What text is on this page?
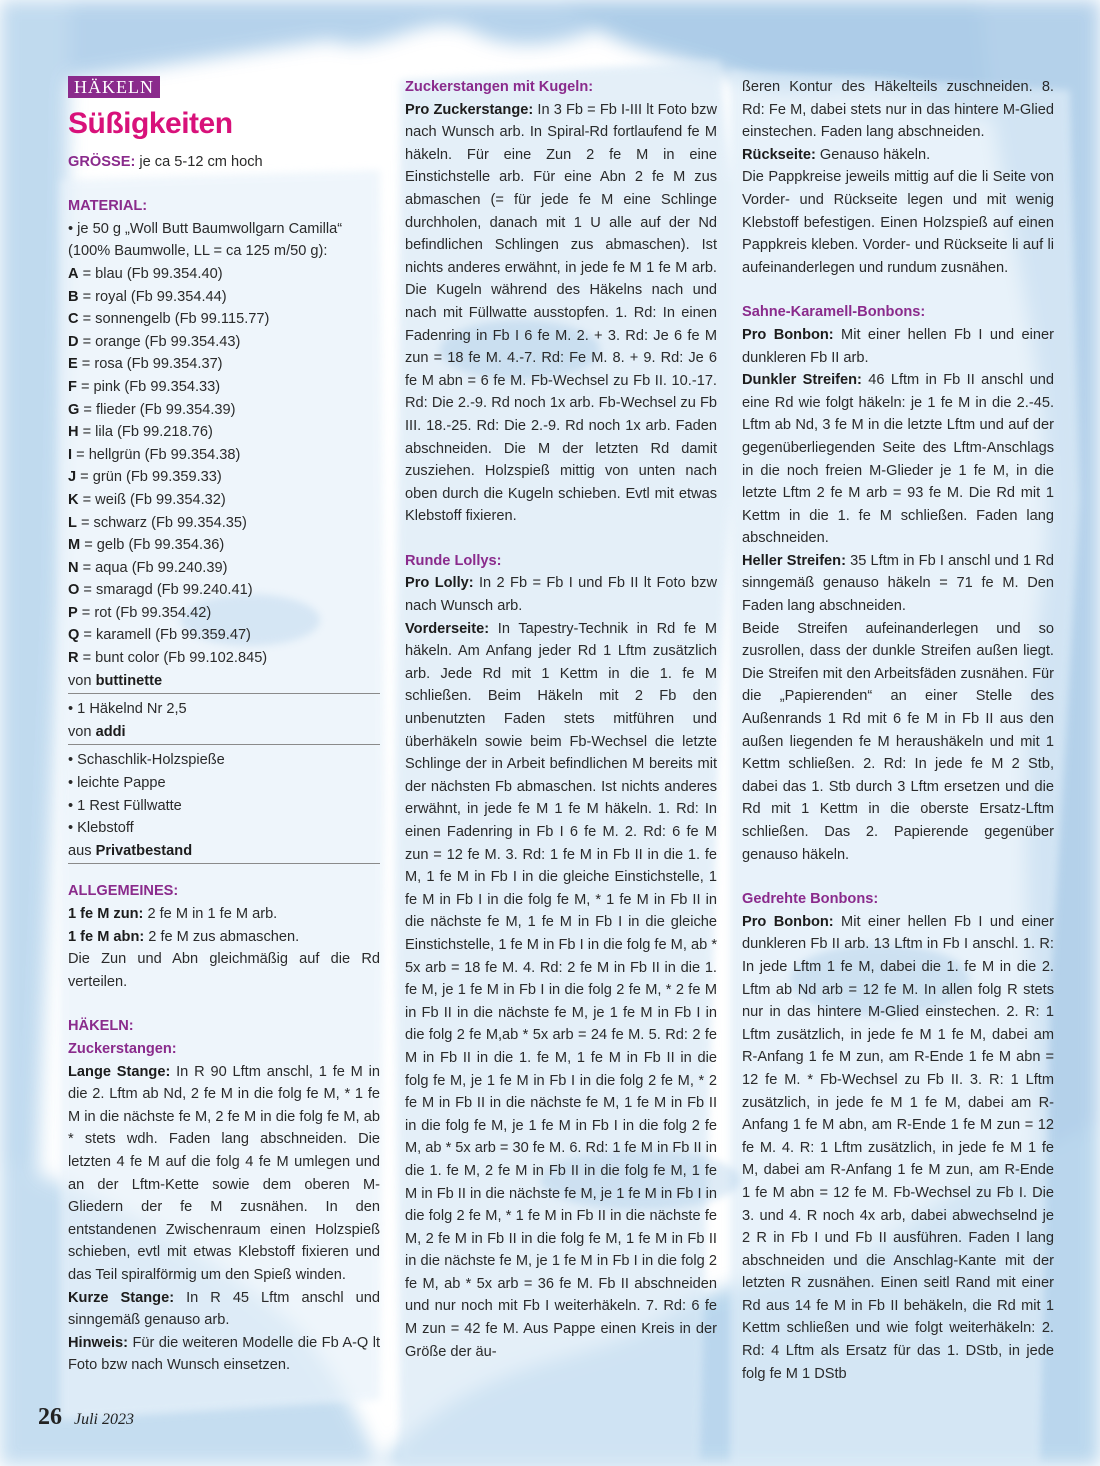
HÄKELN
Süßigkeiten

GRÖSSE: je ca 5-12 cm hoch

MATERIAL:

• je 50 g „Woll Butt Baumwollgarn Camilla“
(100% Baumwolle, LL = ca 125 m/50 g):

A = blau (Fb 99.354.40)

B = royal (Fb 99.354.44)

C = sonnengelb (Fb 99.115.77)

D = orange (Fb 99.354.43)

E = rosa (Fb 99.354.37)

F = pink (Fb 99.354.33)

G = flieder (Fb 99.354.39)

H = lila (Fb 99.218.76)

I = hellgrün (Fb 99.354.38)

J = grün (Fb 99.359.33)

K = weiß (Fb 99.354.32)

L = schwarz (Fb 99.354.35)

M = gelb (Fb 99.354.36)

N = aqua (Fb 99.240.39)

O = smaragd (Fb 99.240.41)

P = rot (Fb 99.354.42)

Q = karamell (Fb 99.359.47)

R = bunt color (Fb 99.102.845)

von buttinette

• 1 Häkelnd Nr 2,5

von addi

• Schaschlik-Holzspieße

• leichte Pappe

• 1 Rest Füllwatte

• Klebstoff

aus Privatbestand
ALLGEMEINES:

1 fe M zun: 2 fe M in 1 fe M arb.

1 fe M abn: 2 fe M zus abmaschen.

Die Zun und Abn gleichmäßig auf die Rd verteilen.

HÄKELN:
Zuckerstangen:

Lange Stange: In R 90 Lftm anschl, 1 fe M in die 2. Lftm ab Nd, 2 fe M in die folg fe M, * 1 fe M in die nächste fe M, 2 fe M in die folg fe M, ab * stets wdh. Faden lang abschneiden. Die letzten 4 fe M auf die folg 4 fe M umlegen und an der Lftm-Kette sowie dem oberen M-Gliedern der fe M zusnähen. In den entstandenen Zwischenraum einen Holzspieß schieben, evtl mit etwas Klebstoff fixieren und das Teil spiralförmig um den Spieß winden.

Kurze Stange: In R 45 Lftm anschl und sinngemäß genauso arb.

Hinweis: Für die weiteren Modelle die Fb A-Q lt Foto bzw nach Wunsch einsetzen.

Zuckerstangen mit Kugeln:

Pro Zuckerstange: In 3 Fb = Fb I-III lt Foto bzw nach Wunsch arb. In Spiral-Rd fortlaufend fe M häkeln. Für eine Zun 2 fe M in eine Einstichstelle arb. Für eine Abn 2 fe M zus abmaschen (= für jede fe M eine Schlinge durchholen, danach mit 1 U alle auf der Nd befindlichen Schlingen zus abmaschen). Ist nichts anderes erwähnt, in jede fe M 1 fe M arb. Die Kugeln während des Häkelns nach und nach mit Füllwatte ausstopfen. 1. Rd: In einen Fadenring in Fb I 6 fe M. 2. + 3. Rd: Je 6 fe M zun = 18 fe M. 4.-7. Rd: Fe M. 8. + 9. Rd: Je 6 fe M abn = 6 fe M. Fb-Wechsel zu Fb II. 10.-17. Rd: Die 2.-9. Rd noch 1x arb. Fb-Wechsel zu Fb III. 18.-25. Rd: Die 2.-9. Rd noch 1x arb. Faden abschneiden. Die M der letzten Rd damit zusziehen. Holzspieß mittig von unten nach oben durch die Kugeln schieben. Evtl mit etwas Klebstoff fixieren.

Runde Lollys:

Pro Lolly: In 2 Fb = Fb I und Fb II lt Foto bzw nach Wunsch arb.

Vorderseite: In Tapestry-Technik in Rd fe M häkeln. Am Anfang jeder Rd 1 Lftm zusätzlich arb. Jede Rd mit 1 Kettm in die 1. fe M schließen. Beim Häkeln mit 2 Fb den unbenutzten Faden stets mitführen und überhäkeln sowie beim Fb-Wechsel die letzte Schlinge der in Arbeit befindlichen M bereits mit der nächsten Fb abmaschen. Ist nichts anderes erwähnt, in jede fe M 1 fe M häkeln. 1. Rd: In einen Fadenring in Fb I 6 fe M. 2. Rd: 6 fe M zun = 12 fe M. 3. Rd: 1 fe M in Fb II in die 1. fe M, 1 fe M in Fb I in die gleiche Einstichstelle, 1 fe M in Fb I in die folg fe M, * 1 fe M in Fb II in die nächste fe M, 1 fe M in Fb I in die gleiche Einstichstelle, 1 fe M in Fb I in die folg fe M, ab * 5x arb = 18 fe M. 4. Rd: 2 fe M in Fb II in die 1. fe M, je 1 fe M in Fb I in die folg 2 fe M, * 2 fe M in Fb II in die nächste fe M, je 1 fe M in Fb I in die folg 2 fe M,ab * 5x arb = 24 fe M. 5. Rd: 2 fe M in Fb II in die 1. fe M, 1 fe M in Fb II in die folg fe M, je 1 fe M in Fb I in die folg 2 fe M, * 2 fe M in Fb II in die nächste fe M, 1 fe M in Fb II in die folg fe M, je 1 fe M in Fb I in die folg 2 fe M, ab * 5x arb = 30 fe M. 6. Rd: 1 fe M in Fb II in die 1. fe M, 2 fe M in Fb II in die folg fe M, 1 fe M in Fb II in die nächste fe M, je 1 fe M in Fb I in die folg 2 fe M, * 1 fe M in Fb II in die nächste fe M, 2 fe M in Fb II in die folg fe M, 1 fe M in Fb II in die nächste fe M, je 1 fe M in Fb I in die folg 2 fe M, ab * 5x arb = 36 fe M. Fb II abschneiden und nur noch mit Fb I weiterhäkeln. 7. Rd: 6 fe M zun = 42 fe M. Aus Pappe einen Kreis in der Größe der äu-

ßeren Kontur des Häkelteils zuschneiden. 8. Rd: Fe M, dabei stets nur in das hintere M-Glied einstechen. Faden lang abschneiden.

Rückseite: Genauso häkeln.

Die Pappkreise jeweils mittig auf die li Seite von Vorder- und Rückseite legen und mit wenig Klebstoff befestigen. Einen Holzspieß auf einen Pappkreis kleben. Vorder- und Rückseite li auf li aufeinanderlegen und rundum zusnähen.

Sahne-Karamell-Bonbons:

Pro Bonbon: Mit einer hellen Fb I und einer dunkleren Fb II arb.

Dunkler Streifen: 46 Lftm in Fb II anschl und eine Rd wie folgt häkeln: je 1 fe M in die 2.-45. Lftm ab Nd, 3 fe M in die letzte Lftm und auf der gegenüberliegenden Seite des Lftm-Anschlags in die noch freien M-Glieder je 1 fe M, in die letzte Lftm 2 fe M arb = 93 fe M. Die Rd mit 1 Kettm in die 1. fe M schließen. Faden lang abschneiden.

Heller Streifen: 35 Lftm in Fb I anschl und 1 Rd sinngemäß genauso häkeln = 71 fe M. Den Faden lang abschneiden.

Beide Streifen aufeinanderlegen und so zusrollen, dass der dunkle Streifen außen liegt. Die Streifen mit den Arbeitsfäden zusnähen. Für die „Papierenden“ an einer Stelle des Außenrands 1 Rd mit 6 fe M in Fb II aus den außen liegenden fe M heraushäkeln und mit 1 Kettm schließen. 2. Rd: In jede fe M 2 Stb, dabei das 1. Stb durch 3 Lftm ersetzen und die Rd mit 1 Kettm in die oberste Ersatz-Lftm schließen. Das 2. Papierende gegenüber genauso häkeln.

Gedrehte Bonbons:

Pro Bonbon: Mit einer hellen Fb I und einer dunkleren Fb II arb. 13 Lftm in Fb I anschl. 1. R: In jede Lftm 1 fe M, dabei die 1. fe M in die 2. Lftm ab Nd arb = 12 fe M. In allen folg R stets nur in das hintere M-Glied einstechen. 2. R: 1 Lftm zusätzlich, in jede fe M 1 fe M, dabei am R-Anfang 1 fe M zun, am R-Ende 1 fe M abn = 12 fe M. * Fb-Wechsel zu Fb II. 3. R: 1 Lftm zusätzlich, in jede fe M 1 fe M, dabei am R-Anfang 1 fe M abn, am R-Ende 1 fe M zun = 12 fe M. 4. R: 1 Lftm zusätzlich, in jede fe M 1 fe M, dabei am R-Anfang 1 fe M zun, am R-Ende 1 fe M abn = 12 fe M. Fb-Wechsel zu Fb I. Die 3. und 4. R noch 4x arb, dabei abwechselnd je 2 R in Fb I und Fb II ausführen. Faden I lang abschneiden und die Anschlag-Kante mit der letzten R zusnähen. Einen seitl Rand mit einer Rd aus 14 fe M in Fb II behäkeln, die Rd mit 1 Kettm schließen und wie folgt weiterhäkeln: 2. Rd: 4 Lftm als Ersatz für das 1. DStb, in jede folg fe M 1 DStb

26 Juli 2023
